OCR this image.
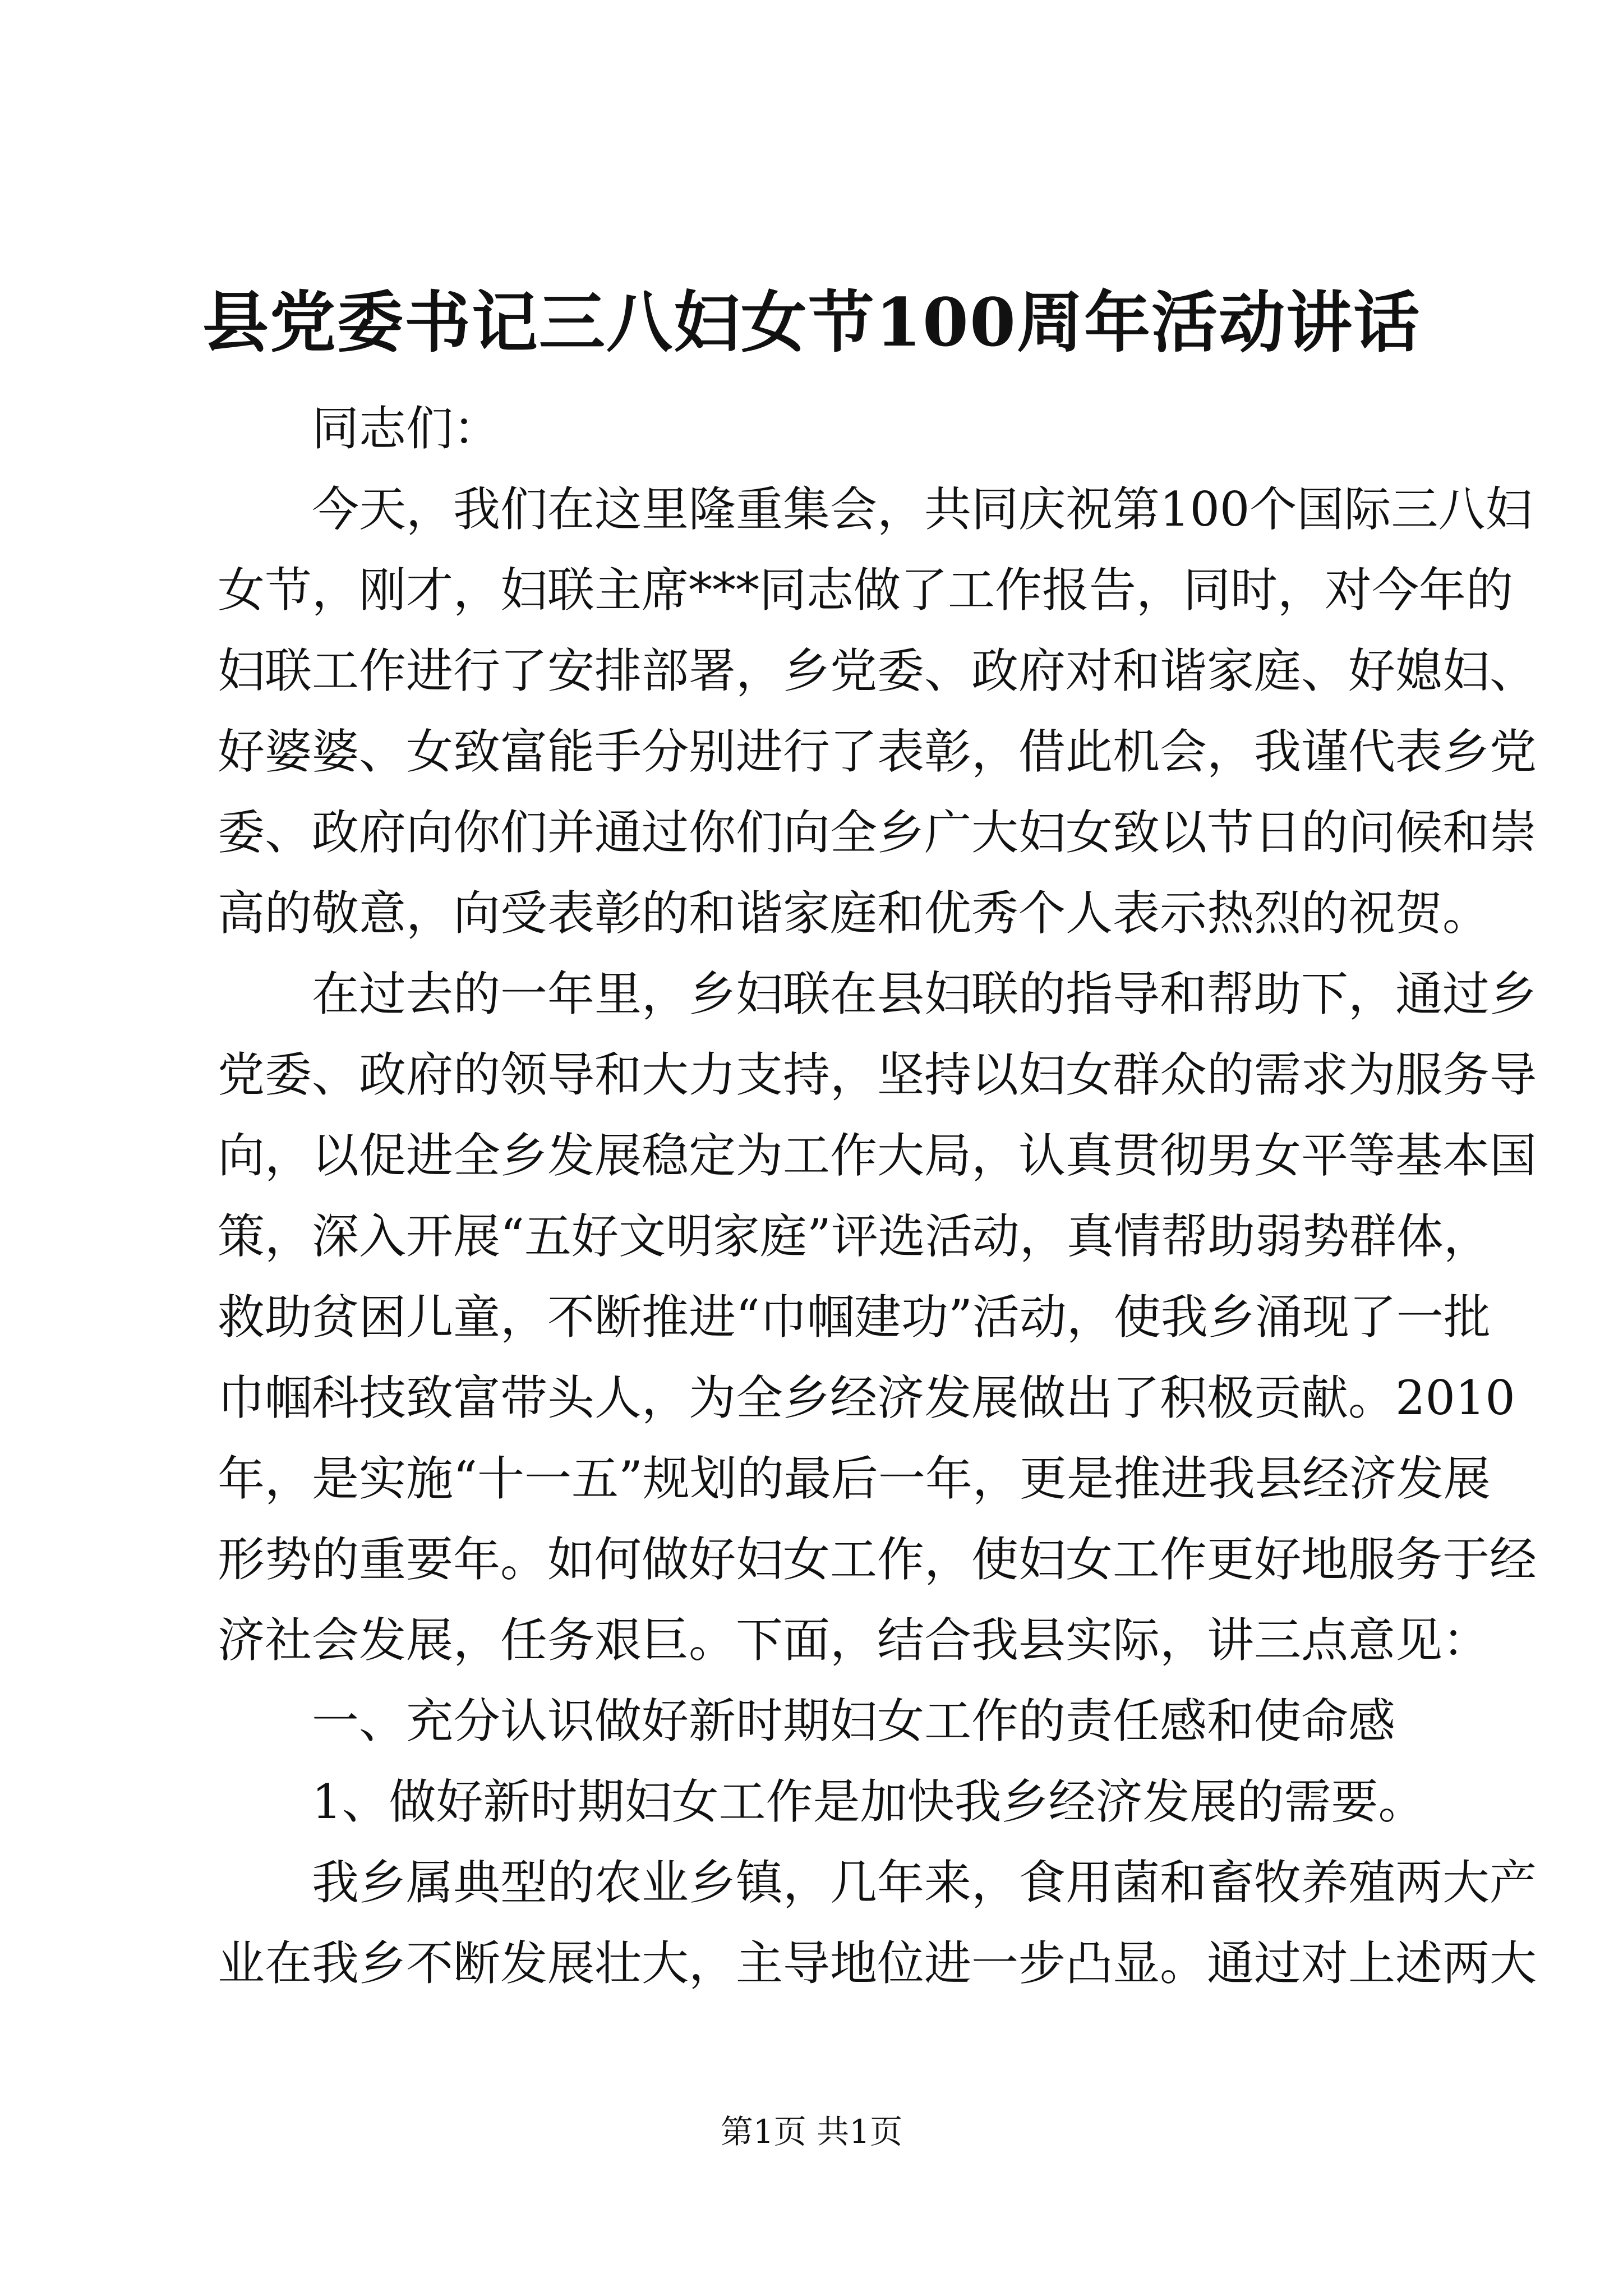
县党委书记三八妇女节100周年活动讲话
同志们：
今天，我们在这里隆重集会，共同庆祝第100个国际三八妇
女节，刚才，妇联主席***同志做了工作报告，同时，对今年的
妇联工作进行了安排部署，乡党委、政府对和谐家庭、好媳妇、
好婆婆、女致富能手分别进行了表彰，借此机会，我谨代表乡党
委、政府向你们并通过你们向全乡广大妇女致以节日的问候和崇
高的敬意，向受表彰的和谐家庭和优秀个人表示热烈的祝贺。
在过去的一年里，乡妇联在县妇联的指导和帮助下，通过乡
党委、政府的领导和大力支持，坚持以妇女群众的需求为服务导
向，以促进全乡发展稳定为工作大局，认真贯彻男女平等基本国
策，深入开展“五好文明家庭”评选活动，真情帮助弱势群体，
救助贫困儿童，不断推进“巾帼建功”活动，使我乡涌现了一批
巾帼科技致富带头人，为全乡经济发展做出了积极贡献。2010
年，是实施“十一五”规划的最后一年，更是推进我县经济发展
形势的重要年。如何做好妇女工作，使妇女工作更好地服务于经
济社会发展，任务艰巨。下面，结合我县实际，讲三点意见：
一、充分认识做好新时期妇女工作的责任感和使命感
1、做好新时期妇女工作是加快我乡经济发展的需要。
我乡属典型的农业乡镇，几年来，食用菌和畜牧养殖两大产
业在我乡不断发展壮大，主导地位进一步凸显。通过对上述两大
第1页 共1页
